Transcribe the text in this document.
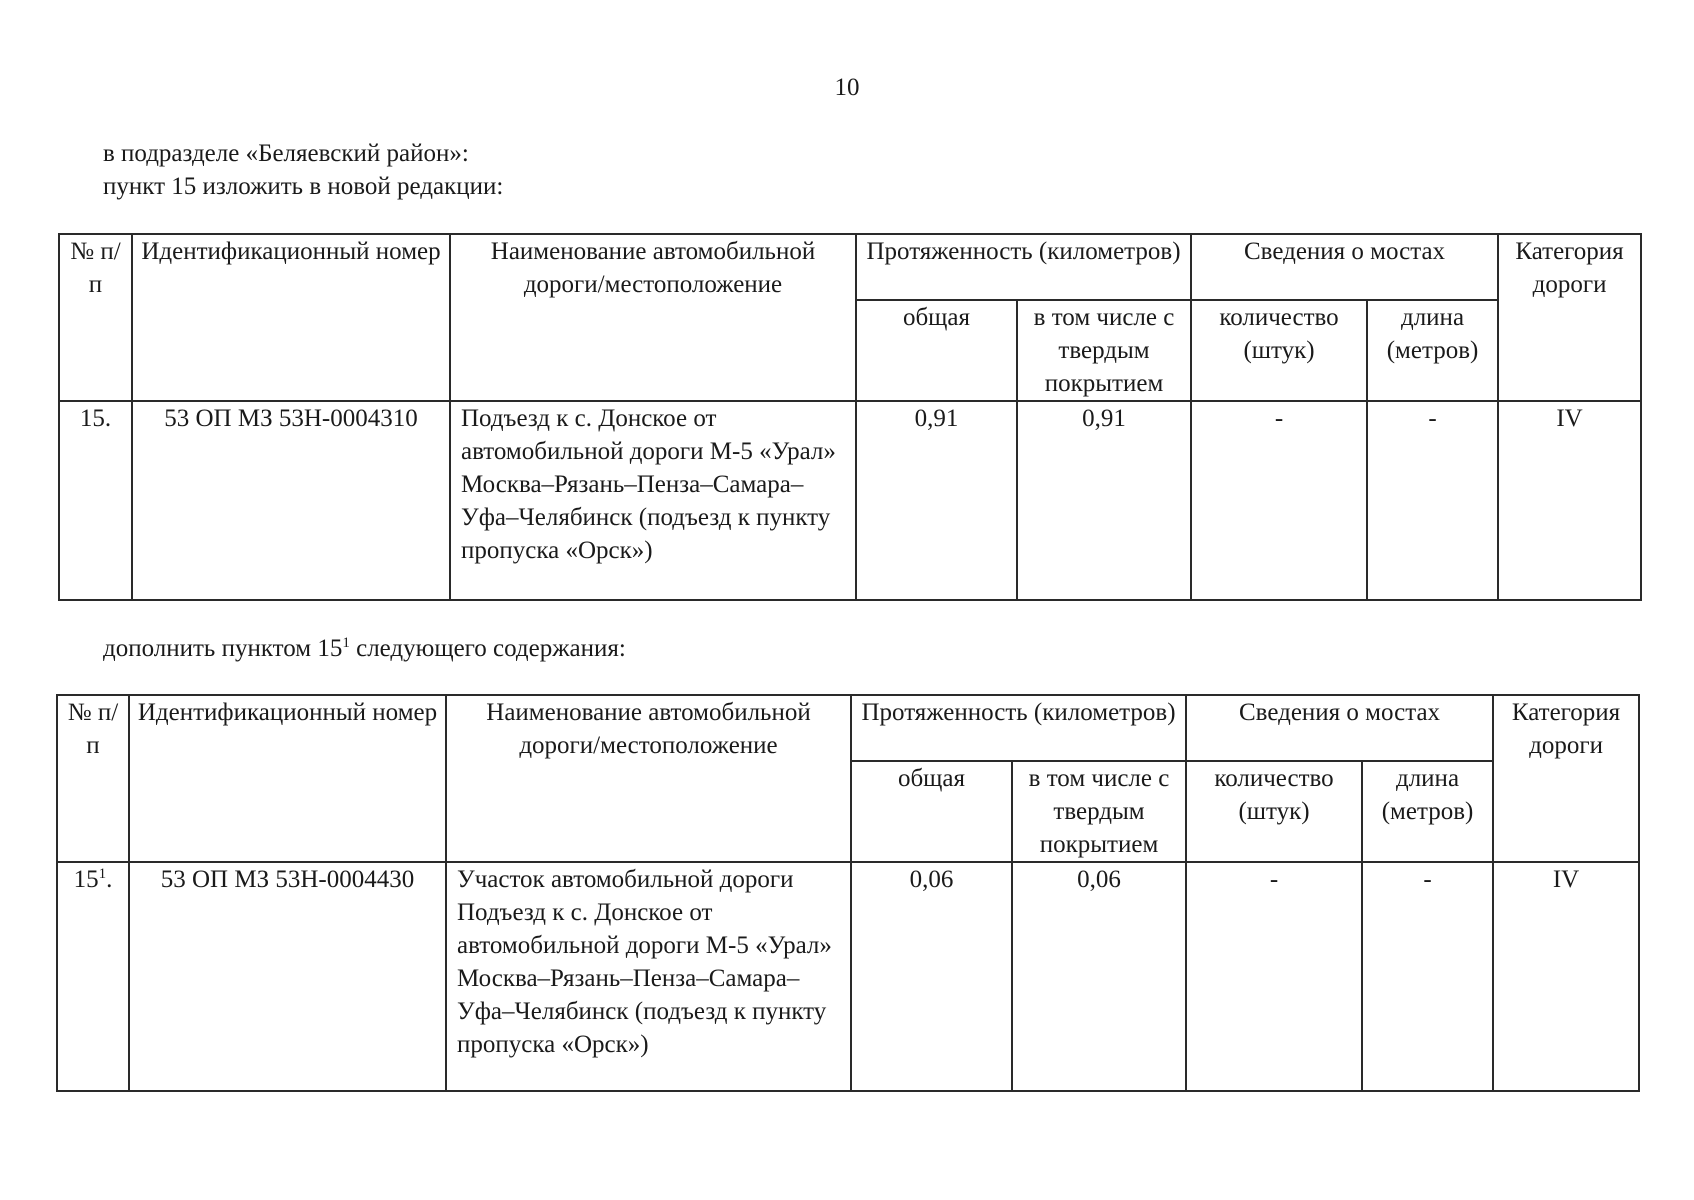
10
в подразделе «Беляевский район»:
пункт 15 изложить в новой редакции:
№ п/п	Идентификационный номер	Наименование автомобильной дороги/местоположение	Протяженность (километров)		Сведения о мостах		Категория дороги
			общая	в том числе с твердым покрытием	количество (штук)	длина (метров)	
15.	53 ОП МЗ 53Н-0004310	Подъезд к с. Донское от автомобильной дороги М-5 «Урал» Москва–Рязань–Пенза–Самара–Уфа–Челябинск (подъезд к пункту пропуска «Орск»)	0,91	0,91	-	-	IV
дополнить пунктом $15^1$ следующего содержания:
№ п/п	Идентификационный номер	Наименование автомобильной дороги/местоположение	Протяженность (километров)		Сведения о мостах		Категория дороги
			общая	в том числе с твердым покрытием	количество (штук)	длина (метров)	
$15^1$.	53 ОП МЗ 53Н-0004430	Участок автомобильной дороги Подъезд к с. Донское от автомобильной дороги М-5 «Урал» Москва–Рязань–Пенза–Самара–Уфа–Челябинск (подъезд к пункту пропуска «Орск»)	0,06	0,06	-	-	IV
